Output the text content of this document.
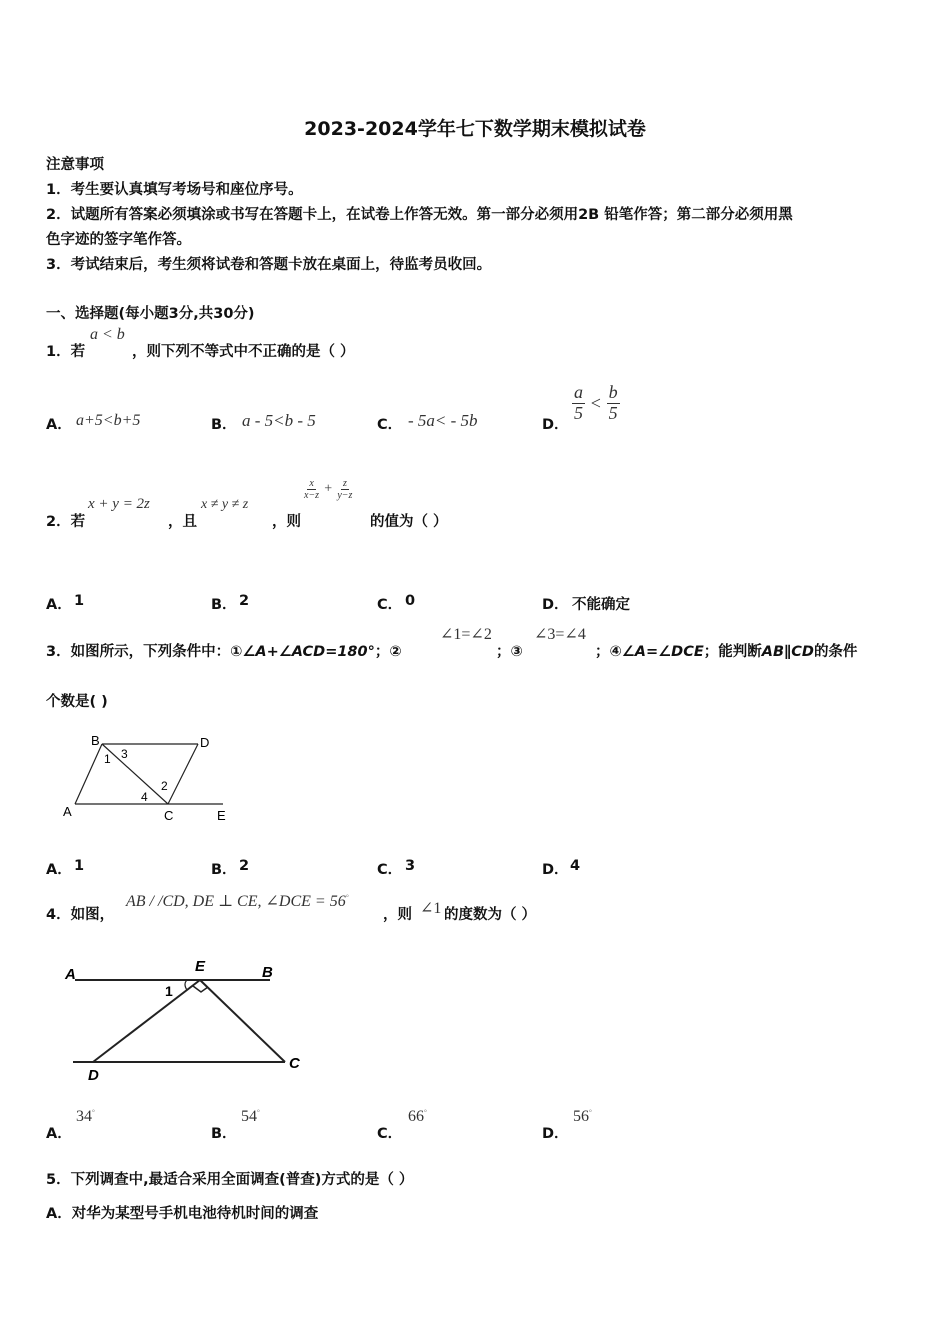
2023-2024学年七下数学期末模拟试卷
注意事项
1．考生要认真填写考场号和座位序号。
2．试题所有答案必须填涂或书写在答题卡上，在试卷上作答无效。第一部分必须用2B 铅笔作答；第二部分必须用黑
色字迹的签字笔作答。
3．考试结束后，考生须将试卷和答题卡放在桌面上，待监考员收回。
一、选择题(每小题3分,共30分)
1．若
a < b
，则下列不等式中不正确的是（ ）
A． a+5<b+5	B． a - 5<b - 5	C． - 5a< - 5b	D．
$\frac{a}{5} < \frac{b}{5}$
2．若
x + y = 2z
，且
x ≠ y ≠ z
，则
$\frac{x}{x-z} + \frac{z}{y-z}$
的值为（ ）
A． 1	B． 2	C． 0	D． 不能确定
3．如图所示，下列条件中：①∠A+∠ACD=180°；②
∠1=∠2
；③
∠3=∠4
；④∠A=∠DCE；能判断AB∥CD的条件
个数是( )
B	D
A	C	E
1 3
2
4
A． 1	B． 2	C． 3	D． 4
4．如图，
AB / /CD, DE ⊥ CE, ∠DCE = 56°
，则 ∠1 的度数为（ ）
A	E	B
1
D
C
A．
34°
B．
54°
C．
66°
D．
56°
5．下列调查中,最适合采用全面调查(普查)方式的是（ ）
A．对华为某型号手机电池待机时间的调查
